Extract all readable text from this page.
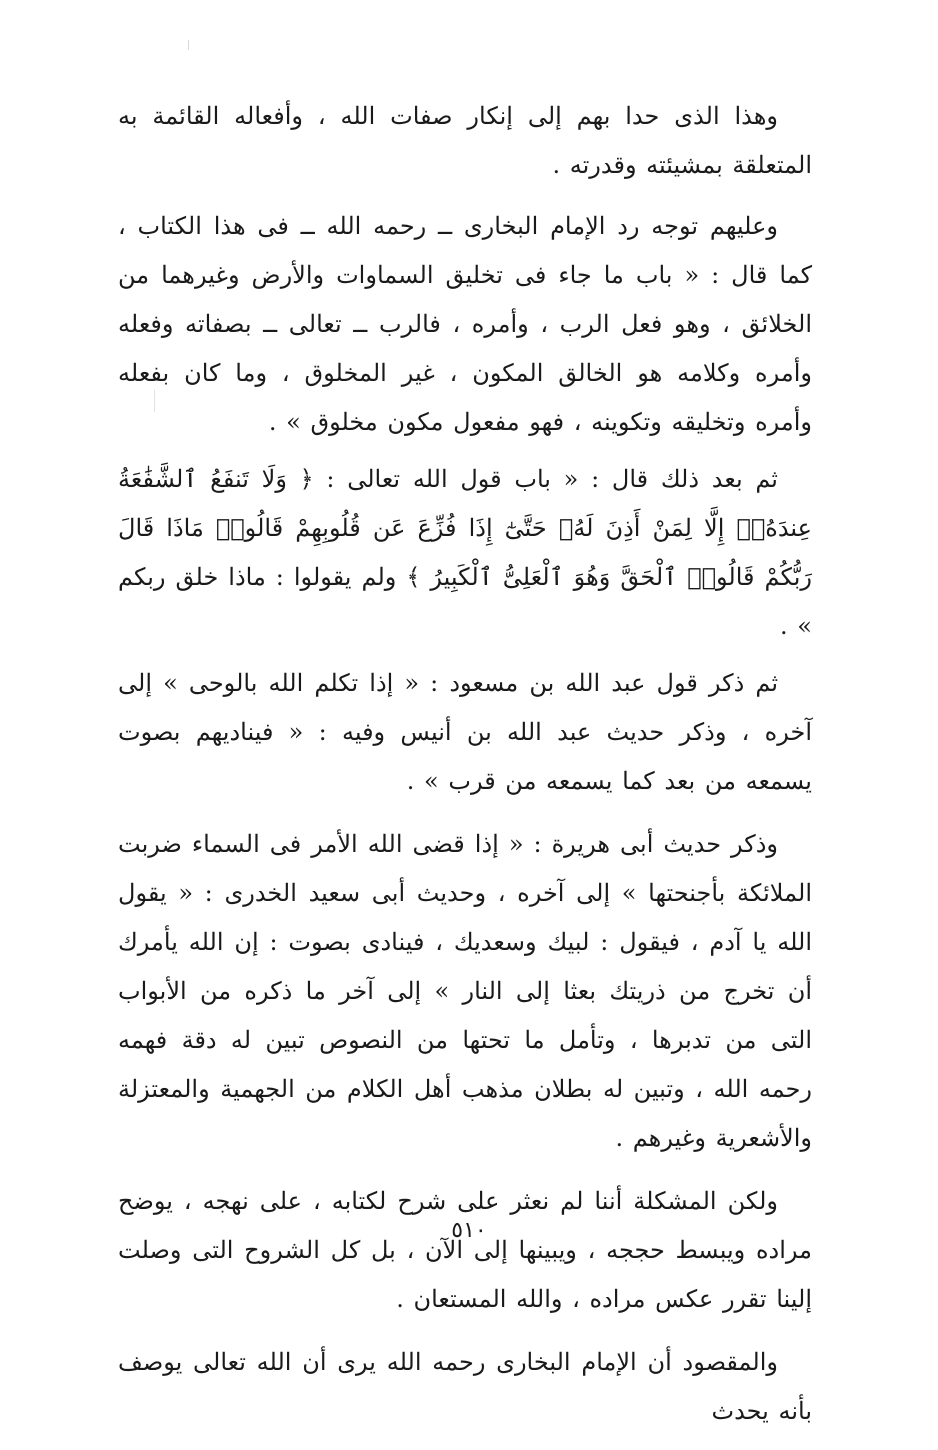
وهذا الذى حدا بهم إلى إنكار صفات الله ، وأفعاله القائمة به المتعلقة بمشيئته وقدرته .

وعليهم توجه رد الإمام البخارى ــ رحمه الله ــ فى هذا الكتاب ، كما قال : « باب ما جاء فى تخليق السماوات والأرض وغيرهما من الخلائق ، وهو فعل الرب ، وأمره ، فالرب ــ تعالى ــ بصفاته وفعله وأمره وكلامه هو الخالق المكون ، غير المخلوق ، وما كان بفعله وأمره وتخليقه وتكوينه ، فهو مفعول مكون مخلوق » .

ثم بعد ذلك قال : « باب قول الله تعالى : ﴿ وَلَا تَنفَعُ ٱلشَّفَٰعَةُ عِندَهُۥٓ إِلَّا لِمَنْ أَذِنَ لَهُۥ حَتَّىٰٓ إِذَا فُزِّعَ عَن قُلُوبِهِمْ قَالُوا۟ مَاذَا قَالَ رَبُّكُمْ قَالُوا۟ ٱلْحَقَّ وَهُوَ ٱلْعَلِىُّ ٱلْكَبِيرُ ﴾ ولم يقولوا : ماذا خلق ربكم » .

ثم ذكر قول عبد الله بن مسعود : « إذا تكلم الله بالوحى » إلى آخره ، وذكر حديث عبد الله بن أنيس وفيه : « فيناديهم بصوت يسمعه من بعد كما يسمعه من قرب » .

وذكر حديث أبى هريرة : « إذا قضى الله الأمر فى السماء ضربت الملائكة بأجنحتها » إلى آخره ، وحديث أبى سعيد الخدرى : « يقول الله يا آدم ، فيقول : لبيك وسعديك ، فينادى بصوت : إن الله يأمرك أن تخرج من ذريتك بعثا إلى النار » إلى آخر ما ذكره من الأبواب التى من تدبرها ، وتأمل ما تحتها من النصوص تبين له دقة فهمه رحمه الله ، وتبين له بطلان مذهب أهل الكلام من الجهمية والمعتزلة والأشعرية وغيرهم .

ولكن المشكلة أننا لم نعثر على شرح لكتابه ، على نهجه ، يوضح مراده ويبسط حججه ، ويبينها إلى الآن ، بل كل الشروح التى وصلت إلينا تقرر عكس مراده ، والله المستعان .

والمقصود أن الإمام البخارى رحمه الله يرى أن الله تعالى يوصف بأنه يحدث

٥١٠
